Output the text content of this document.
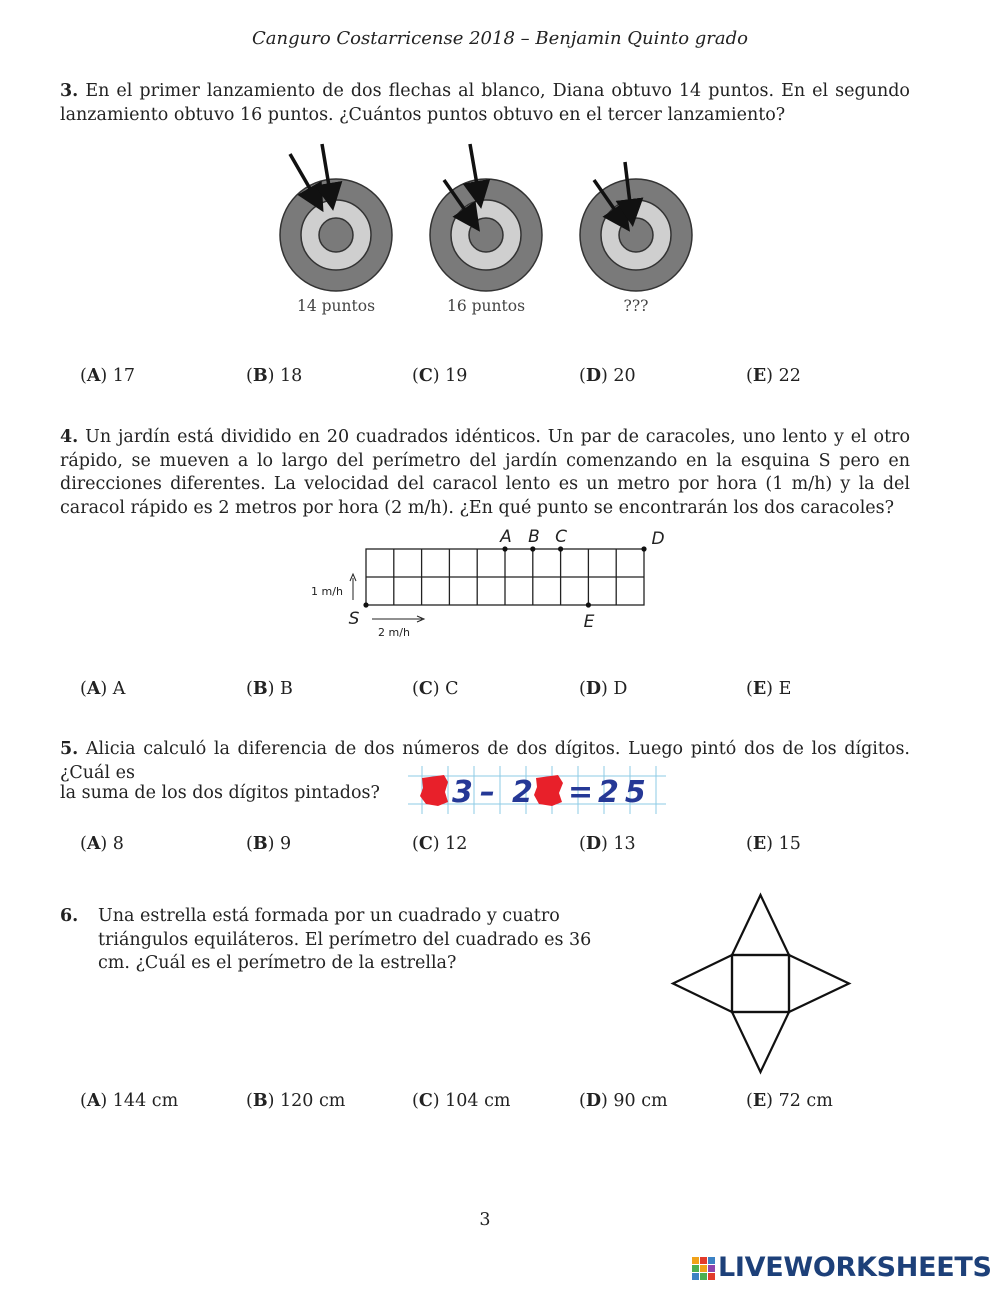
Canguro Costarricense 2018 – Benjamin Quinto grado
3. En el primer lanzamiento de dos flechas al blanco, Diana obtuvo 14 puntos. En el segundo lanzamiento obtuvo 16 puntos. ¿Cuántos puntos obtuvo en el tercer lanzamiento?
14 puntos	16 puntos	???
(A) 17	(B) 18	(C) 19	(D) 20	(E) 22
4. Un jardín está dividido en 20 cuadrados idénticos. Un par de caracoles, uno lento y el otro rápido, se mueven a lo largo del perímetro del jardín comenzando en la esquina S pero en direcciones diferentes. La velocidad del caracol lento es un metro por hora (1 m/h) y la del caracol rápido es 2 metros por hora (2 m/h). ¿En qué punto se encontrarán los dos caracoles?
A B C	D
E
S
1 m/h
2 m/h
(A) A	(B) B	(C) C	(D) D	(E) E
5. Alicia calculó la diferencia de dos números de dos dígitos. Luego pintó dos de los dígitos. ¿Cuál es
la suma de los dos dígitos pintados? 3 – 2 = 25
(A) 8	(B) 9	(C) 12	(D) 13	(E) 15
6. Una estrella está formada por un cuadrado y cuatro triángulos equiláteros. El perímetro del cuadrado es 36 cm. ¿Cuál es el perímetro de la estrella?
(A) 144 cm	(B) 120 cm	(C) 104 cm	(D) 90 cm	(E) 72 cm
3
LIVEWORKSHEETS
